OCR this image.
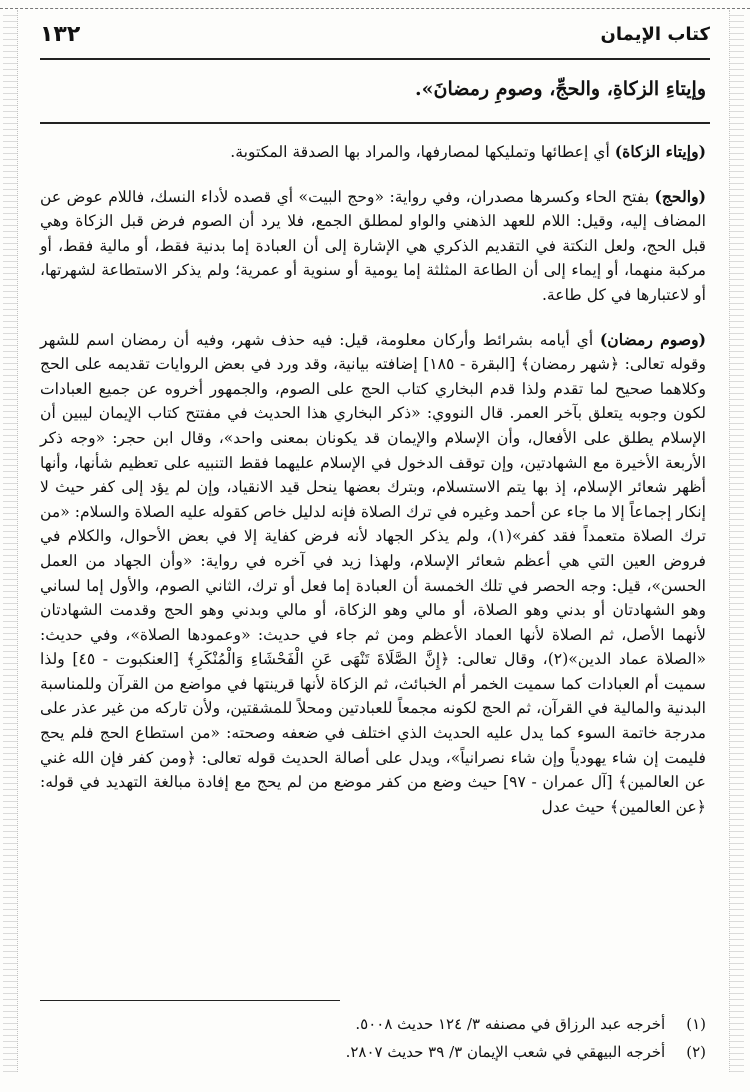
كتاب الإيمان
١٣٢
وإيتاءِ الزكاةِ، والحجِّ، وصومِ رمضانَ».

(وإيتاء الزكاة) أي إعطائها وتمليكها لمصارفها، والمراد بها الصدقة المكتوبة.

(والحج) بفتح الحاء وكسرها مصدران، وفي رواية: «وحج البيت» أي قصده لأداء النسك، فاللام عوض عن المضاف إليه، وقيل: اللام للعهد الذهني والواو لمطلق الجمع، فلا يرد أن الصوم فرض قبل الزكاة وهي قبل الحج، ولعل النكتة في التقديم الذكري هي الإشارة إلى أن العبادة إما بدنية فقط، أو مالية فقط، أو مركبة منهما، أو إيماء إلى أن الطاعة المثلثة إما يومية أو سنوية أو عمرية؛ ولم يذكر الاستطاعة لشهرتها، أو لاعتبارها في كل طاعة.

(وصوم رمضان) أي أيامه بشرائط وأركان معلومة، قيل: فيه حذف شهر، وفيه أن رمضان اسم للشهر وقوله تعالى: ﴿شهر رمضان﴾ [البقرة - ١٨٥] إضافته بيانية، وقد ورد في بعض الروايات تقديمه على الحج وكلاهما صحيح لما تقدم ولذا قدم البخاري كتاب الحج على الصوم، والجمهور أخروه عن جميع العبادات لكون وجوبه يتعلق بآخر العمر. قال النووي: «ذكر البخاري هذا الحديث في مفتتح كتاب الإيمان ليبين أن الإسلام يطلق على الأفعال، وأن الإسلام والإيمان قد يكونان بمعنى واحد»، وقال ابن حجر: «وجه ذكر الأربعة الأخيرة مع الشهادتين، وإن توقف الدخول في الإسلام عليهما فقط التنبيه على تعظيم شأنها، وأنها أظهر شعائر الإسلام، إذ بها يتم الاستسلام، وبترك بعضها ينحل قيد الانقياد، وإن لم يؤد إلى كفر حيث لا إنكار إجماعاً إلا ما جاء عن أحمد وغيره في ترك الصلاة فإنه لدليل خاص كقوله عليه الصلاة والسلام: «من ترك الصلاة متعمداً فقد كفر»(١)، ولم يذكر الجهاد لأنه فرض كفاية إلا في بعض الأحوال، والكلام في فروض العين التي هي أعظم شعائر الإسلام، ولهذا زيد في آخره في رواية: «وأن الجهاد من العمل الحسن»، قيل: وجه الحصر في تلك الخمسة أن العبادة إما فعل أو ترك، الثاني الصوم، والأول إما لساني وهو الشهادتان أو بدني وهو الصلاة، أو مالي وهو الزكاة، أو مالي وبدني وهو الحج وقدمت الشهادتان لأنهما الأصل، ثم الصلاة لأنها العماد الأعظم ومن ثم جاء في حديث: «وعمودها الصلاة»، وفي حديث: «الصلاة عماد الدين»(٢)، وقال تعالى: ﴿إِنَّ الصَّلَاةَ تَنْهَى عَنِ الْفَحْشَاءِ وَالْمُنْكَرِ﴾ [العنكبوت - ٤٥] ولذا سميت أم العبادات كما سميت الخمر أم الخبائث، ثم الزكاة لأنها قرينتها في مواضع من القرآن وللمناسبة البدنية والمالية في القرآن، ثم الحج لكونه مجمعاً للعبادتين ومحلاً للمشقتين، ولأن تاركه من غير عذر على مدرجة خاتمة السوء كما يدل عليه الحديث الذي اختلف في ضعفه وصحته: «من استطاع الحج فلم يحج فليمت إن شاء يهودياً وإن شاء نصرانياً»، ويدل على أصالة الحديث قوله تعالى: ﴿ومن كفر فإن الله غني عن العالمين﴾ [آل عمران - ٩٧] حيث وضع من كفر موضع من لم يحج مع إفادة مبالغة التهديد في قوله: ﴿عن العالمين﴾ حيث عدل

(١) أخرجه عبد الرزاق في مصنفه ٣/ ١٢٤ حديث ٥٠٠٨.
(٢) أخرجه البيهقي في شعب الإيمان ٣/ ٣٩ حديث ٢٨٠٧.
